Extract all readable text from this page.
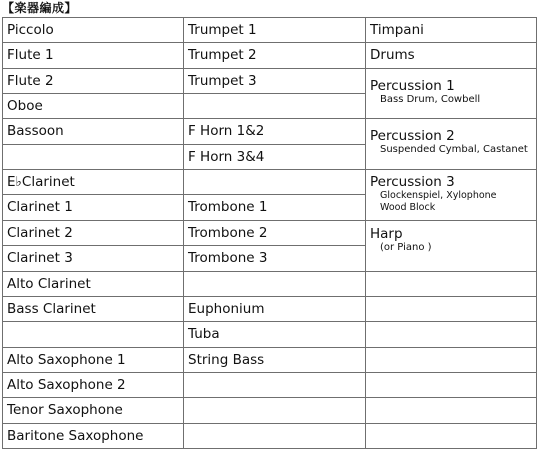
【楽器編成】
Piccolo
Flute 1
Flute 2
Oboe
Bassoon
E♭Clarinet
Clarinet 1
Clarinet 2
Clarinet 3
Alto Clarinet
Bass Clarinet
Alto Saxophone 1
Alto Saxophone 2
Tenor Saxophone
Baritone Saxophone
Trumpet 1
Trumpet 2
Trumpet 3
F Horn 1&2
F Horn 3&4
Trombone 1
Trombone 2
Trombone 3
Euphonium
Tuba
String Bass
Timpani
Drums
Percussion 1
Bass Drum, Cowbell
Percussion 2
Suspended Cymbal, Castanet
Percussion 3
Glockenspiel, Xylophone
Wood Block
Harp
(or Piano )
